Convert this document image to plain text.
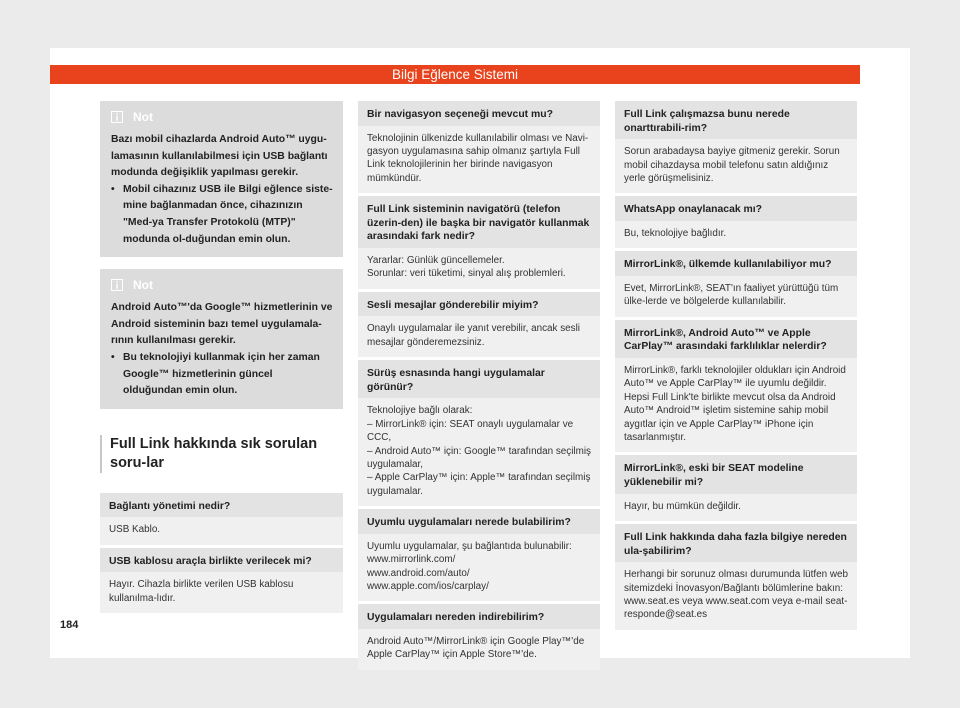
Bilgi Eğlence Sistemi
Not

Bazı mobil cihazlarda Android Auto™ uygu-lamasının kullanılabilmesi için USB bağlantı modunda değişiklik yapılması gerekir.

• Mobil cihazınız USB ile Bilgi eğlence siste-mine bağlanmadan önce, cihazınızın "Med-ya Transfer Protokolü (MTP)" modunda ol-duğundan emin olun.

Not

Android Auto™'da Google™ hizmetlerinin ve Android sisteminin bazı temel uygulamala-rının kullanılması gerekir.

• Bu teknolojiyi kullanmak için her zaman Google™ hizmetlerinin güncel olduğundan emin olun.

Full Link hakkında sık sorulan soru-lar
Bağlantı yönetimi nedir?
USB Kablo.
USB kablosu araçla birlikte verilecek mi?
Hayır. Cihazla birlikte verilen USB kablosu kullanılma-lıdır.
Bir navigasyon seçeneği mevcut mu?
Teknolojinin ülkenizde kullanılabilir olması ve Navi-gasyon uygulamasına sahip olmanız şartıyla Full Link teknolojilerinin her birinde navigasyon mümkündür.
Full Link sisteminin navigatörü (telefon üzerin-den) ile başka bir navigatör kullanmak arasındaki fark nedir?
Yararlar: Günlük güncellemeler.
Sorunlar: veri tüketimi, sinyal alış problemleri.
Sesli mesajlar gönderebilir miyim?
Onaylı uygulamalar ile yanıt verebilir, ancak sesli mesajlar gönderemezsiniz.
Sürüş esnasında hangi uygulamalar görünür?
Teknolojiye bağlı olarak:
– MirrorLink® için: SEAT onaylı uygulamalar ve CCC,
– Android Auto™ için: Google™ tarafından seçilmiş uygulamalar,
– Apple CarPlay™ için: Apple™ tarafından seçilmiş uygulamalar.
Uyumlu uygulamaları nerede bulabilirim?
Uyumlu uygulamalar, şu bağlantıda bulunabilir:
www.mirrorlink.com/
www.android.com/auto/
www.apple.com/ios/carplay/
Uygulamaları nereden indirebilirim?
Android Auto™/MirrorLink® için Google Play™'de Apple CarPlay™ için Apple Store™'de.
Full Link çalışmazsa bunu nerede onarttırabili-rim?
Sorun arabadaysa bayiye gitmeniz gerekir. Sorun mobil cihazdaysa mobil telefonu satın aldığınız yerle görüşmelisiniz.
WhatsApp onaylanacak mı?
Bu, teknolojiye bağlıdır.
MirrorLink®, ülkemde kullanılabiliyor mu?
Evet, MirrorLink®, SEAT'ın faaliyet yürüttüğü tüm ülke-lerde ve bölgelerde kullanılabilir.
MirrorLink®, Android Auto™ ve Apple CarPlay™ arasındaki farklılıklar nelerdir?
MirrorLink®, farklı teknolojiler oldukları için Android Auto™ ve Apple CarPlay™ ile uyumlu değildir. Hepsi Full Link'te birlikte mevcut olsa da Android Auto™ Android™ işletim sistemine sahip mobil aygıtlar için ve Apple CarPlay™ iPhone için tasarlanmıştır.
MirrorLink®, eski bir SEAT modeline yüklenebilir mi?
Hayır, bu mümkün değildir.
Full Link hakkında daha fazla bilgiye nereden ula-şabilirim?
Herhangi bir sorunuz olması durumunda lütfen web sitemizdeki İnovasyon/Bağlantı bölümlerine bakın: www.seat.es veya www.seat.com veya e-mail seat-responde@seat.es
184
